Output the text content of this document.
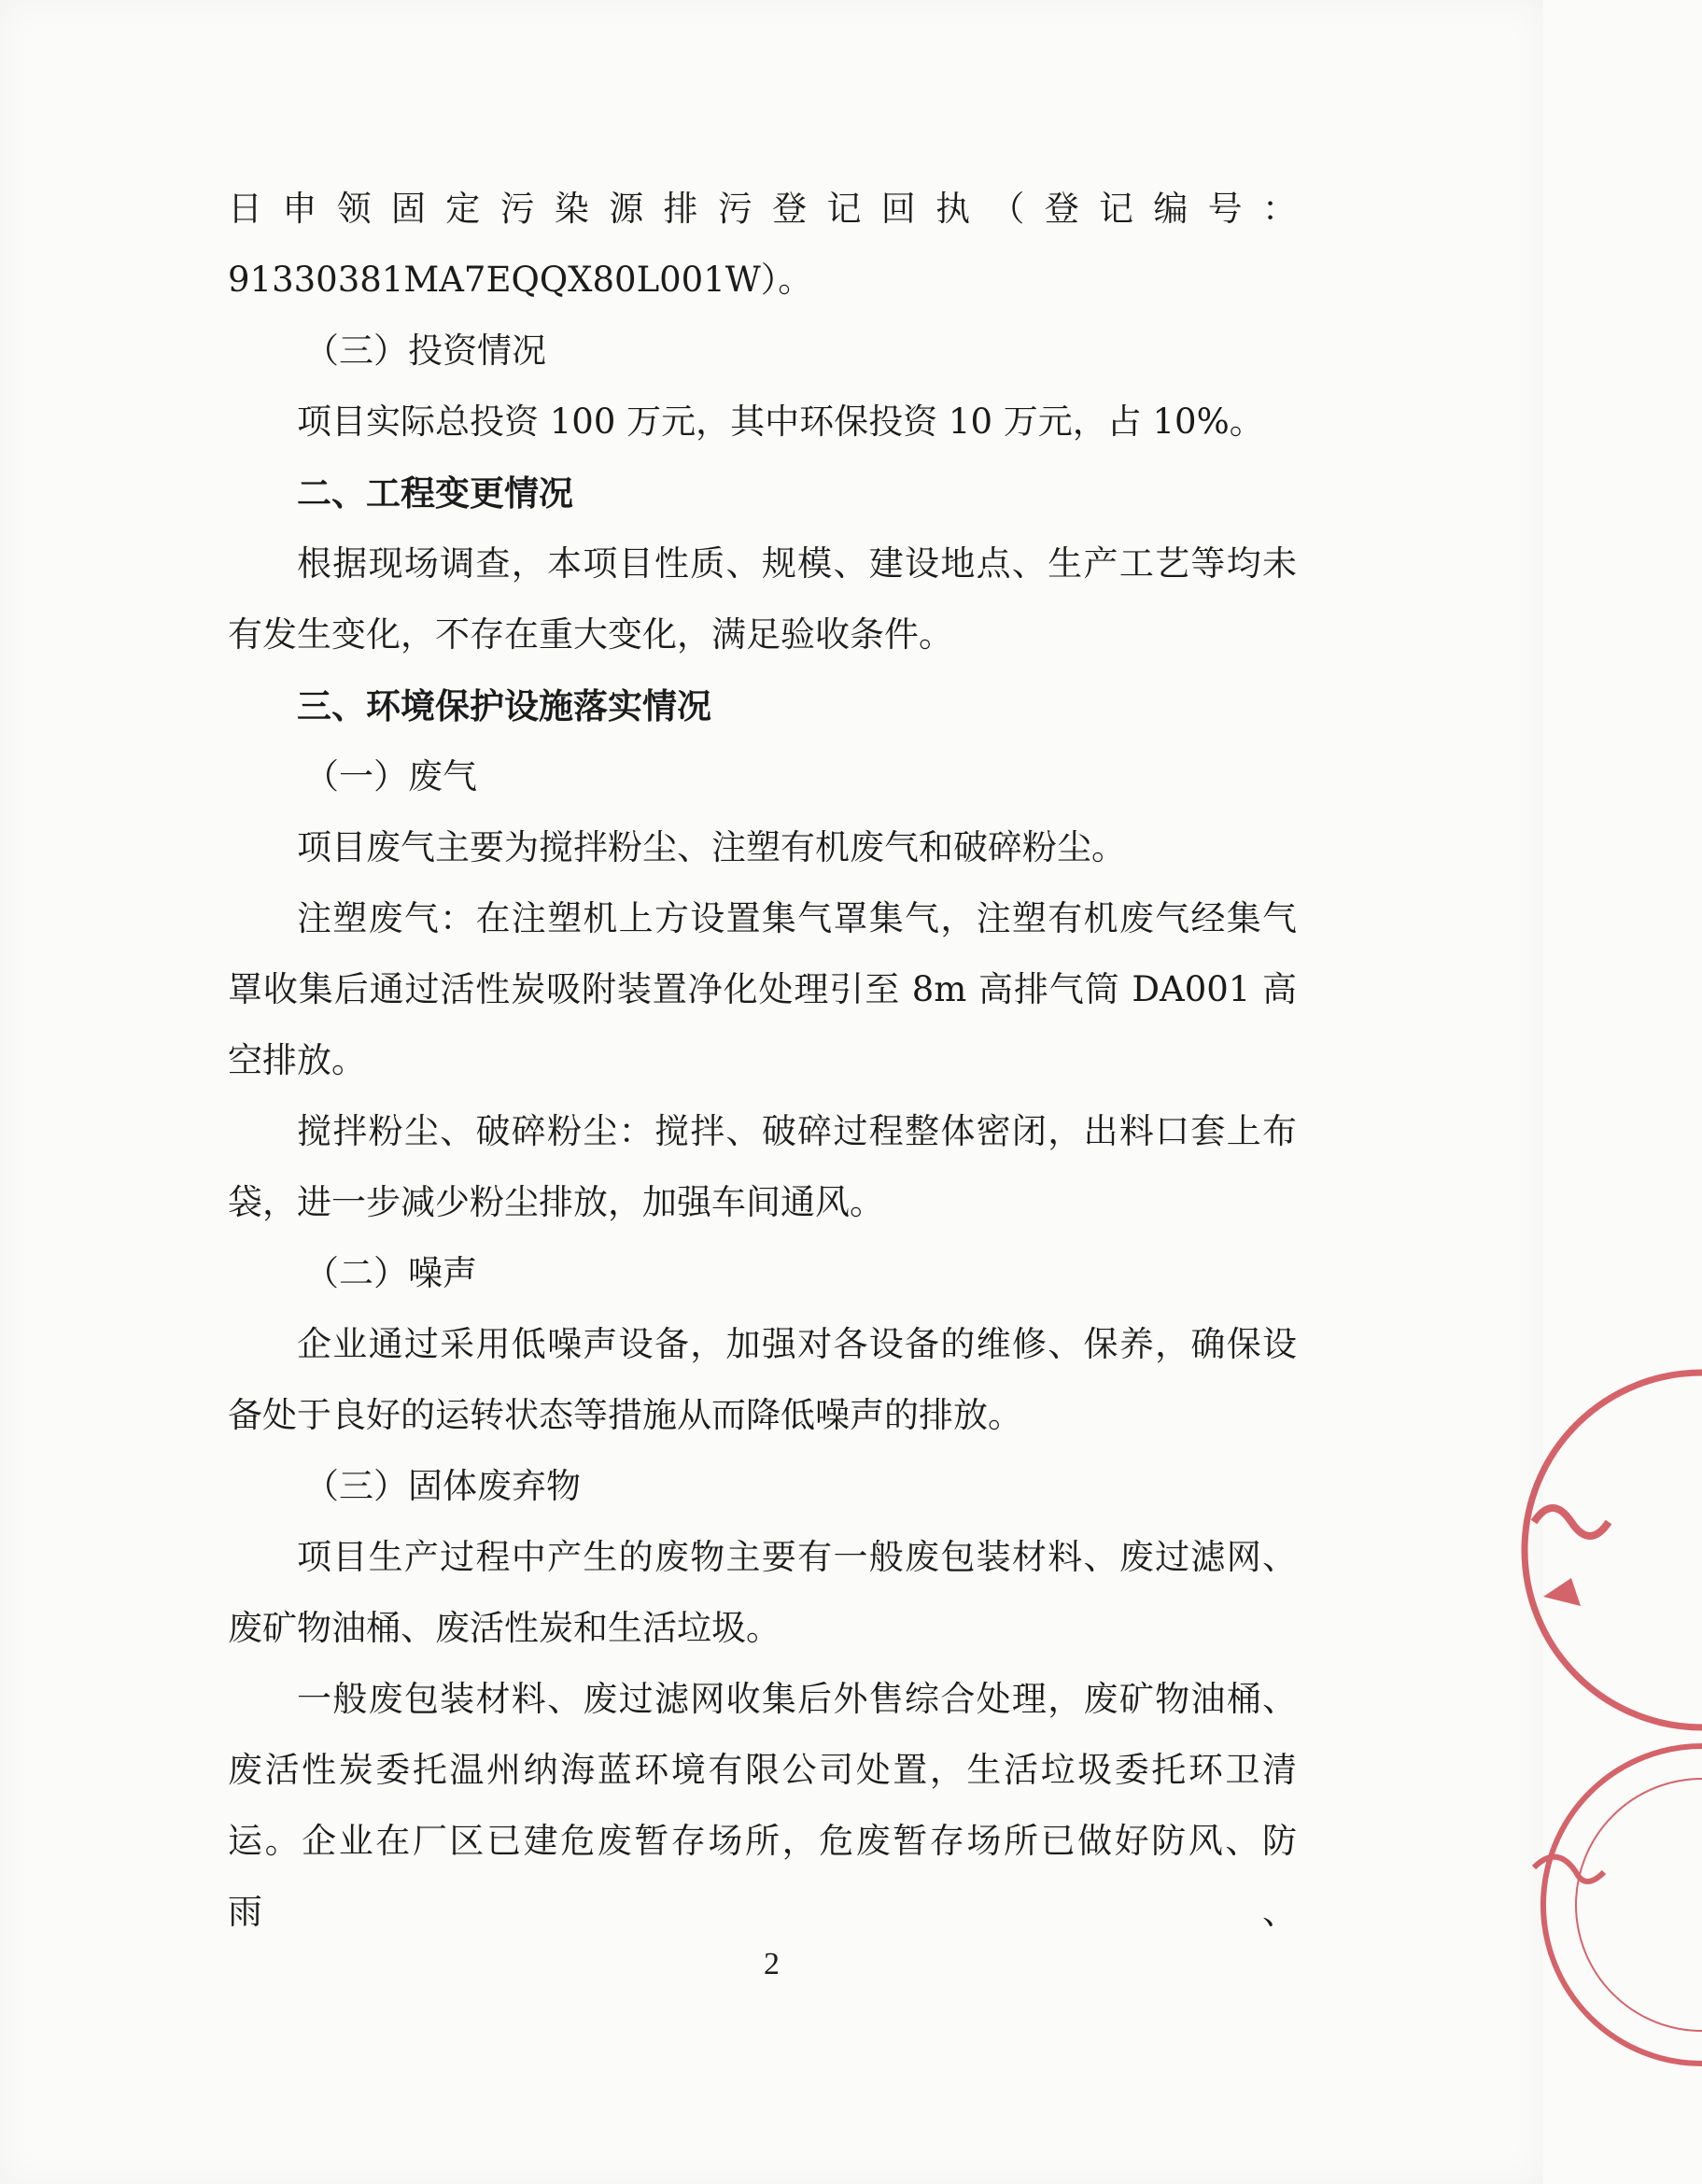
日申领固定污染源排污登记回执（登记编号：

91330381MA7EQQX80L001W）。

（三）投资情况

项目实际总投资 100 万元，其中环保投资 10 万元，占 10%。

二、工程变更情况

根据现场调查，本项目性质、规模、建设地点、生产工艺等均未

有发生变化，不存在重大变化，满足验收条件。

三、环境保护设施落实情况

（一）废气

项目废气主要为搅拌粉尘、注塑有机废气和破碎粉尘。

注塑废气：在注塑机上方设置集气罩集气，注塑有机废气经集气

罩收集后通过活性炭吸附装置净化处理引至 8m 高排气筒 DA001 高

空排放。

搅拌粉尘、破碎粉尘：搅拌、破碎过程整体密闭，出料口套上布

袋，进一步减少粉尘排放，加强车间通风。

（二）噪声

企业通过采用低噪声设备，加强对各设备的维修、保养，确保设

备处于良好的运转状态等措施从而降低噪声的排放。

（三）固体废弃物

项目生产过程中产生的废物主要有一般废包装材料、废过滤网、

废矿物油桶、废活性炭和生活垃圾。

一般废包装材料、废过滤网收集后外售综合处理，废矿物油桶、

废活性炭委托温州纳海蓝环境有限公司处置，生活垃圾委托环卫清

运。企业在厂区已建危废暂存场所，危废暂存场所已做好防风、防雨、

2
